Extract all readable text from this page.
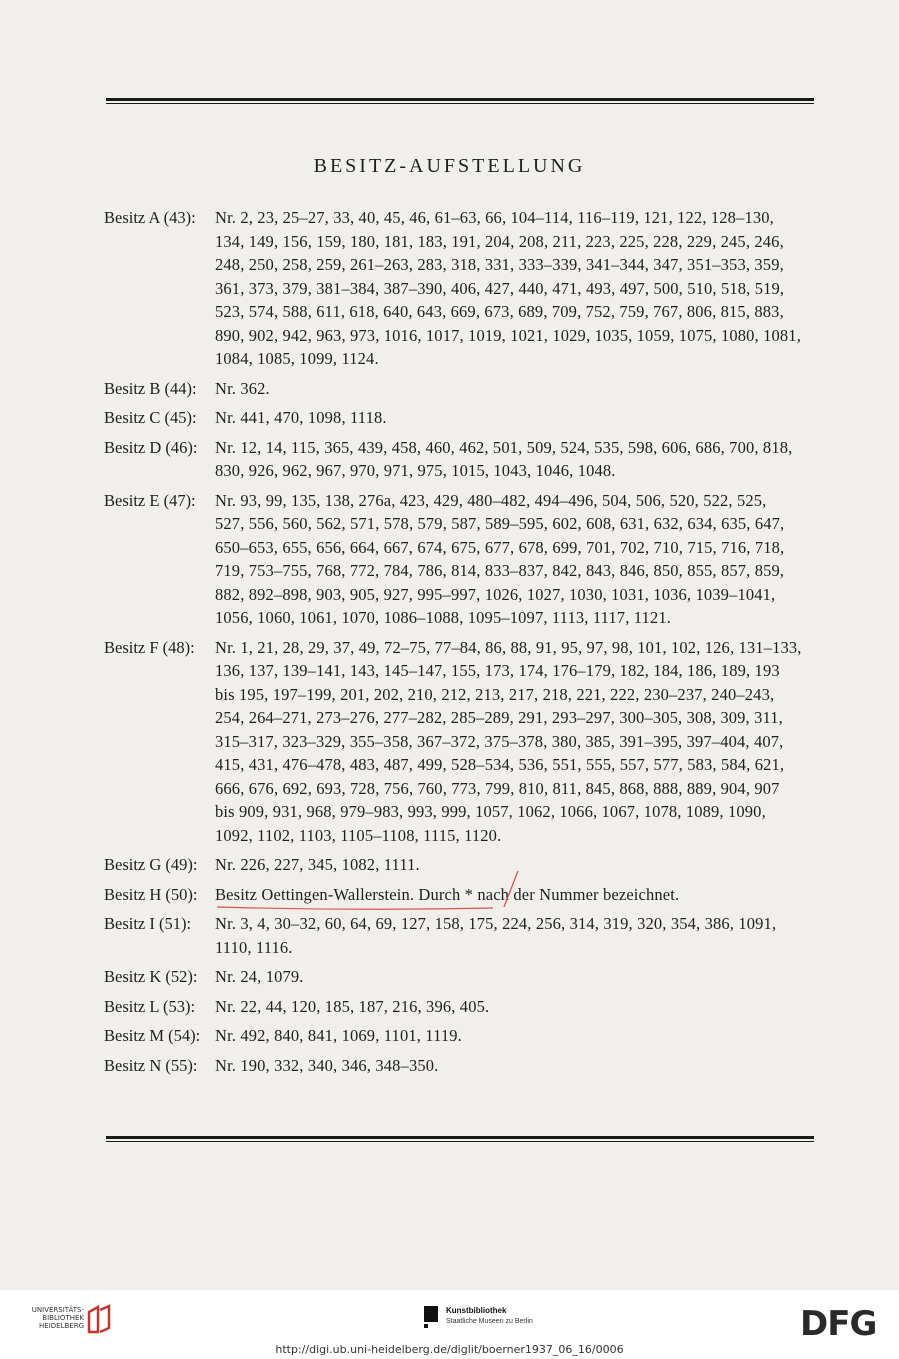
BESITZ-AUFSTELLUNG
Besitz A (43): Nr. 2, 23, 25–27, 33, 40, 45, 46, 61–63, 66, 104–114, 116–119, 121, 122, 128–130,
134, 149, 156, 159, 180, 181, 183, 191, 204, 208, 211, 223, 225, 228, 229, 245, 246,
248, 250, 258, 259, 261–263, 283, 318, 331, 333–339, 341–344, 347, 351–353, 359,
361, 373, 379, 381–384, 387–390, 406, 427, 440, 471, 493, 497, 500, 510, 518, 519,
523, 574, 588, 611, 618, 640, 643, 669, 673, 689, 709, 752, 759, 767, 806, 815, 883,
890, 902, 942, 963, 973, 1016, 1017, 1019, 1021, 1029, 1035, 1059, 1075, 1080, 1081,
1084, 1085, 1099, 1124.
Besitz B (44): Nr. 362.
Besitz C (45): Nr. 441, 470, 1098, 1118.
Besitz D (46): Nr. 12, 14, 115, 365, 439, 458, 460, 462, 501, 509, 524, 535, 598, 606, 686, 700, 818,
830, 926, 962, 967, 970, 971, 975, 1015, 1043, 1046, 1048.
Besitz E (47): Nr. 93, 99, 135, 138, 276a, 423, 429, 480–482, 494–496, 504, 506, 520, 522, 525,
527, 556, 560, 562, 571, 578, 579, 587, 589–595, 602, 608, 631, 632, 634, 635, 647,
650–653, 655, 656, 664, 667, 674, 675, 677, 678, 699, 701, 702, 710, 715, 716, 718,
719, 753–755, 768, 772, 784, 786, 814, 833–837, 842, 843, 846, 850, 855, 857, 859,
882, 892–898, 903, 905, 927, 995–997, 1026, 1027, 1030, 1031, 1036, 1039–1041,
1056, 1060, 1061, 1070, 1086–1088, 1095–1097, 1113, 1117, 1121.
Besitz F (48): Nr. 1, 21, 28, 29, 37, 49, 72–75, 77–84, 86, 88, 91, 95, 97, 98, 101, 102, 126, 131–133,
136, 137, 139–141, 143, 145–147, 155, 173, 174, 176–179, 182, 184, 186, 189, 193
bis 195, 197–199, 201, 202, 210, 212, 213, 217, 218, 221, 222, 230–237, 240–243,
254, 264–271, 273–276, 277–282, 285–289, 291, 293–297, 300–305, 308, 309, 311,
315–317, 323–329, 355–358, 367–372, 375–378, 380, 385, 391–395, 397–404, 407,
415, 431, 476–478, 483, 487, 499, 528–534, 536, 551, 555, 557, 577, 583, 584, 621,
666, 676, 692, 693, 728, 756, 760, 773, 799, 810, 811, 845, 868, 888, 889, 904, 907
bis 909, 931, 968, 979–983, 993, 999, 1057, 1062, 1066, 1067, 1078, 1089, 1090,
1092, 1102, 1103, 1105–1108, 1115, 1120.
Besitz G (49): Nr. 226, 227, 345, 1082, 1111.
Besitz H (50): Besitz Oettingen-Wallerstein. Durch * nach der Nummer bezeichnet.
Besitz I (51): Nr. 3, 4, 30–32, 60, 64, 69, 127, 158, 175, 224, 256, 314, 319, 320, 354, 386, 1091,
1110, 1116.
Besitz K (52): Nr. 24, 1079.
Besitz L (53): Nr. 22, 44, 120, 185, 187, 216, 396, 405.
Besitz M (54): Nr. 492, 840, 841, 1069, 1101, 1119.
Besitz N (55): Nr. 190, 332, 340, 346, 348–350.
UNIVERSITÄTS-
BIBLIOTHEK
HEIDELBERG
Kunstbibliothek
Staatliche Museen zu Berlin	DFG
http://digi.ub.uni-heidelberg.de/diglit/boerner1937_06_16/0006
